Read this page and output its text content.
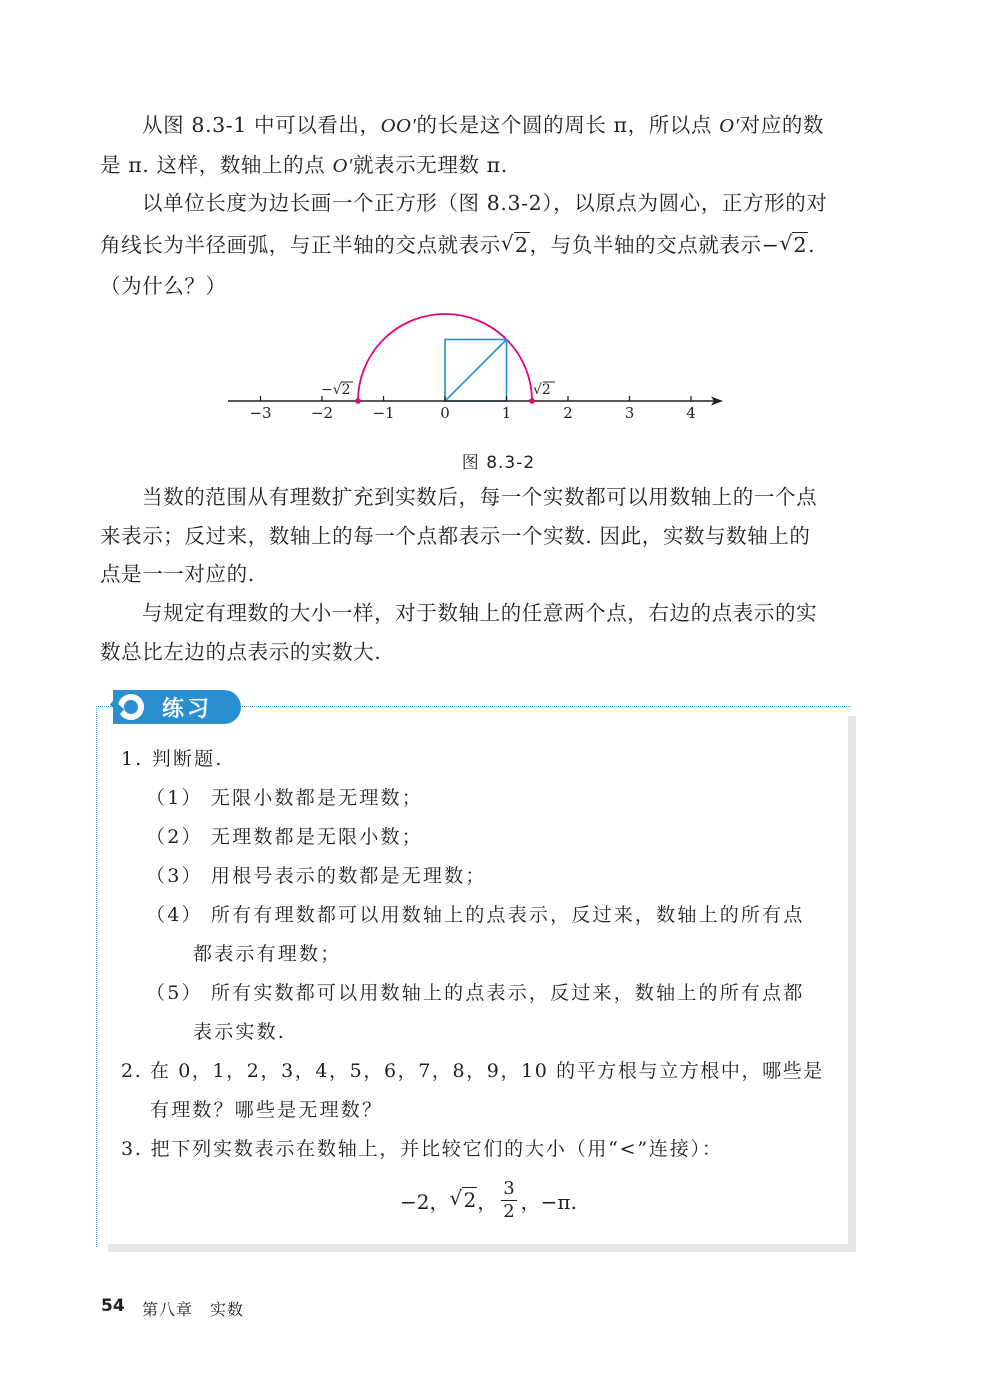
从图 8.3-1 中可以看出，OO′的长是这个圆的周长 π，所以点 O′对应的数
是 π. 这样，数轴上的点 O′就表示无理数 π.
以单位长度为边长画一个正方形（图 8.3-2），以原点为圆心，正方形的对
角线长为半径画弧，与正半轴的交点就表示 √ 2，与负半轴的交点就表示− √ 2.
（为什么？）
−3	−2	−1	0	1	2	3	4
−√2	√2
图 8.3-2
当数的范围从有理数扩充到实数后，每一个实数都可以用数轴上的一个点
来表示；反过来，数轴上的每一个点都表示一个实数. 因此，实数与数轴上的
点是一一对应的.
与规定有理数的大小一样，对于数轴上的任意两个点，右边的点表示的实
数总比左边的点表示的实数大.
练习
1. 判断题.
（1） 无限小数都是无理数；
（2） 无理数都是无限小数；
（3） 用根号表示的数都是无理数；
（4） 所有有理数都可以用数轴上的点表示，反过来，数轴上的所有点
都表示有理数；
（5） 所有实数都可以用数轴上的点表示，反过来，数轴上的所有点都
表示实数.
2. 在 0，1，2，3，4，5，6，7，8，9，10 的平方根与立方根中，哪些是
有理数？哪些是无理数？
3. 把下列实数表示在数轴上，并比较它们的大小（用“<”连接）：
−2， √ 2 ， $\frac{3}{2}$ ，−π.
54 第八章　实数
